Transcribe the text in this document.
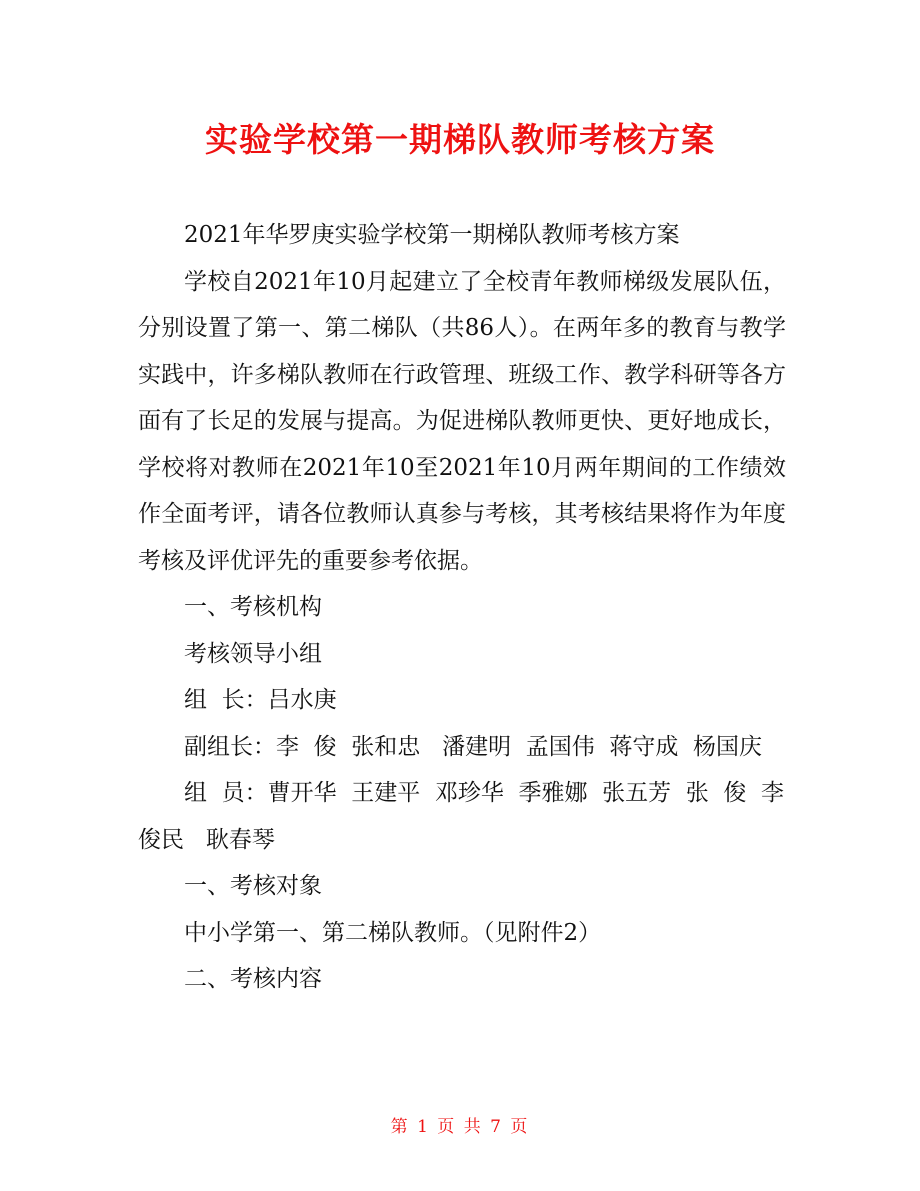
实验学校第一期梯队教师考核方案

2021年华罗庚实验学校第一期梯队教师考核方案

学校自2021年10月起建立了全校青年教师梯级发展队伍，分别设置了第一、第二梯队（共86人）。在两年多的教育与教学实践中，许多梯队教师在行政管理、班级工作、教学科研等各方面有了长足的发展与提高。为促进梯队教师更快、更好地成长，学校将对教师在2021年10至2021年10月两年期间的工作绩效作全面考评，请各位教师认真参与考核，其考核结果将作为年度考核及评优评先的重要参考依据。

一、考核机构

考核领导小组

组  长：吕水庚

副组长：李  俊  张和忠   潘建明  孟国伟  蒋守成  杨国庆

组  员：曹开华  王建平  邓珍华  季雅娜  张五芳  张  俊  李俊民   耿春琴

一、考核对象

中小学第一、第二梯队教师。（见附件2）

二、考核内容

第 1 页 共 7 页
